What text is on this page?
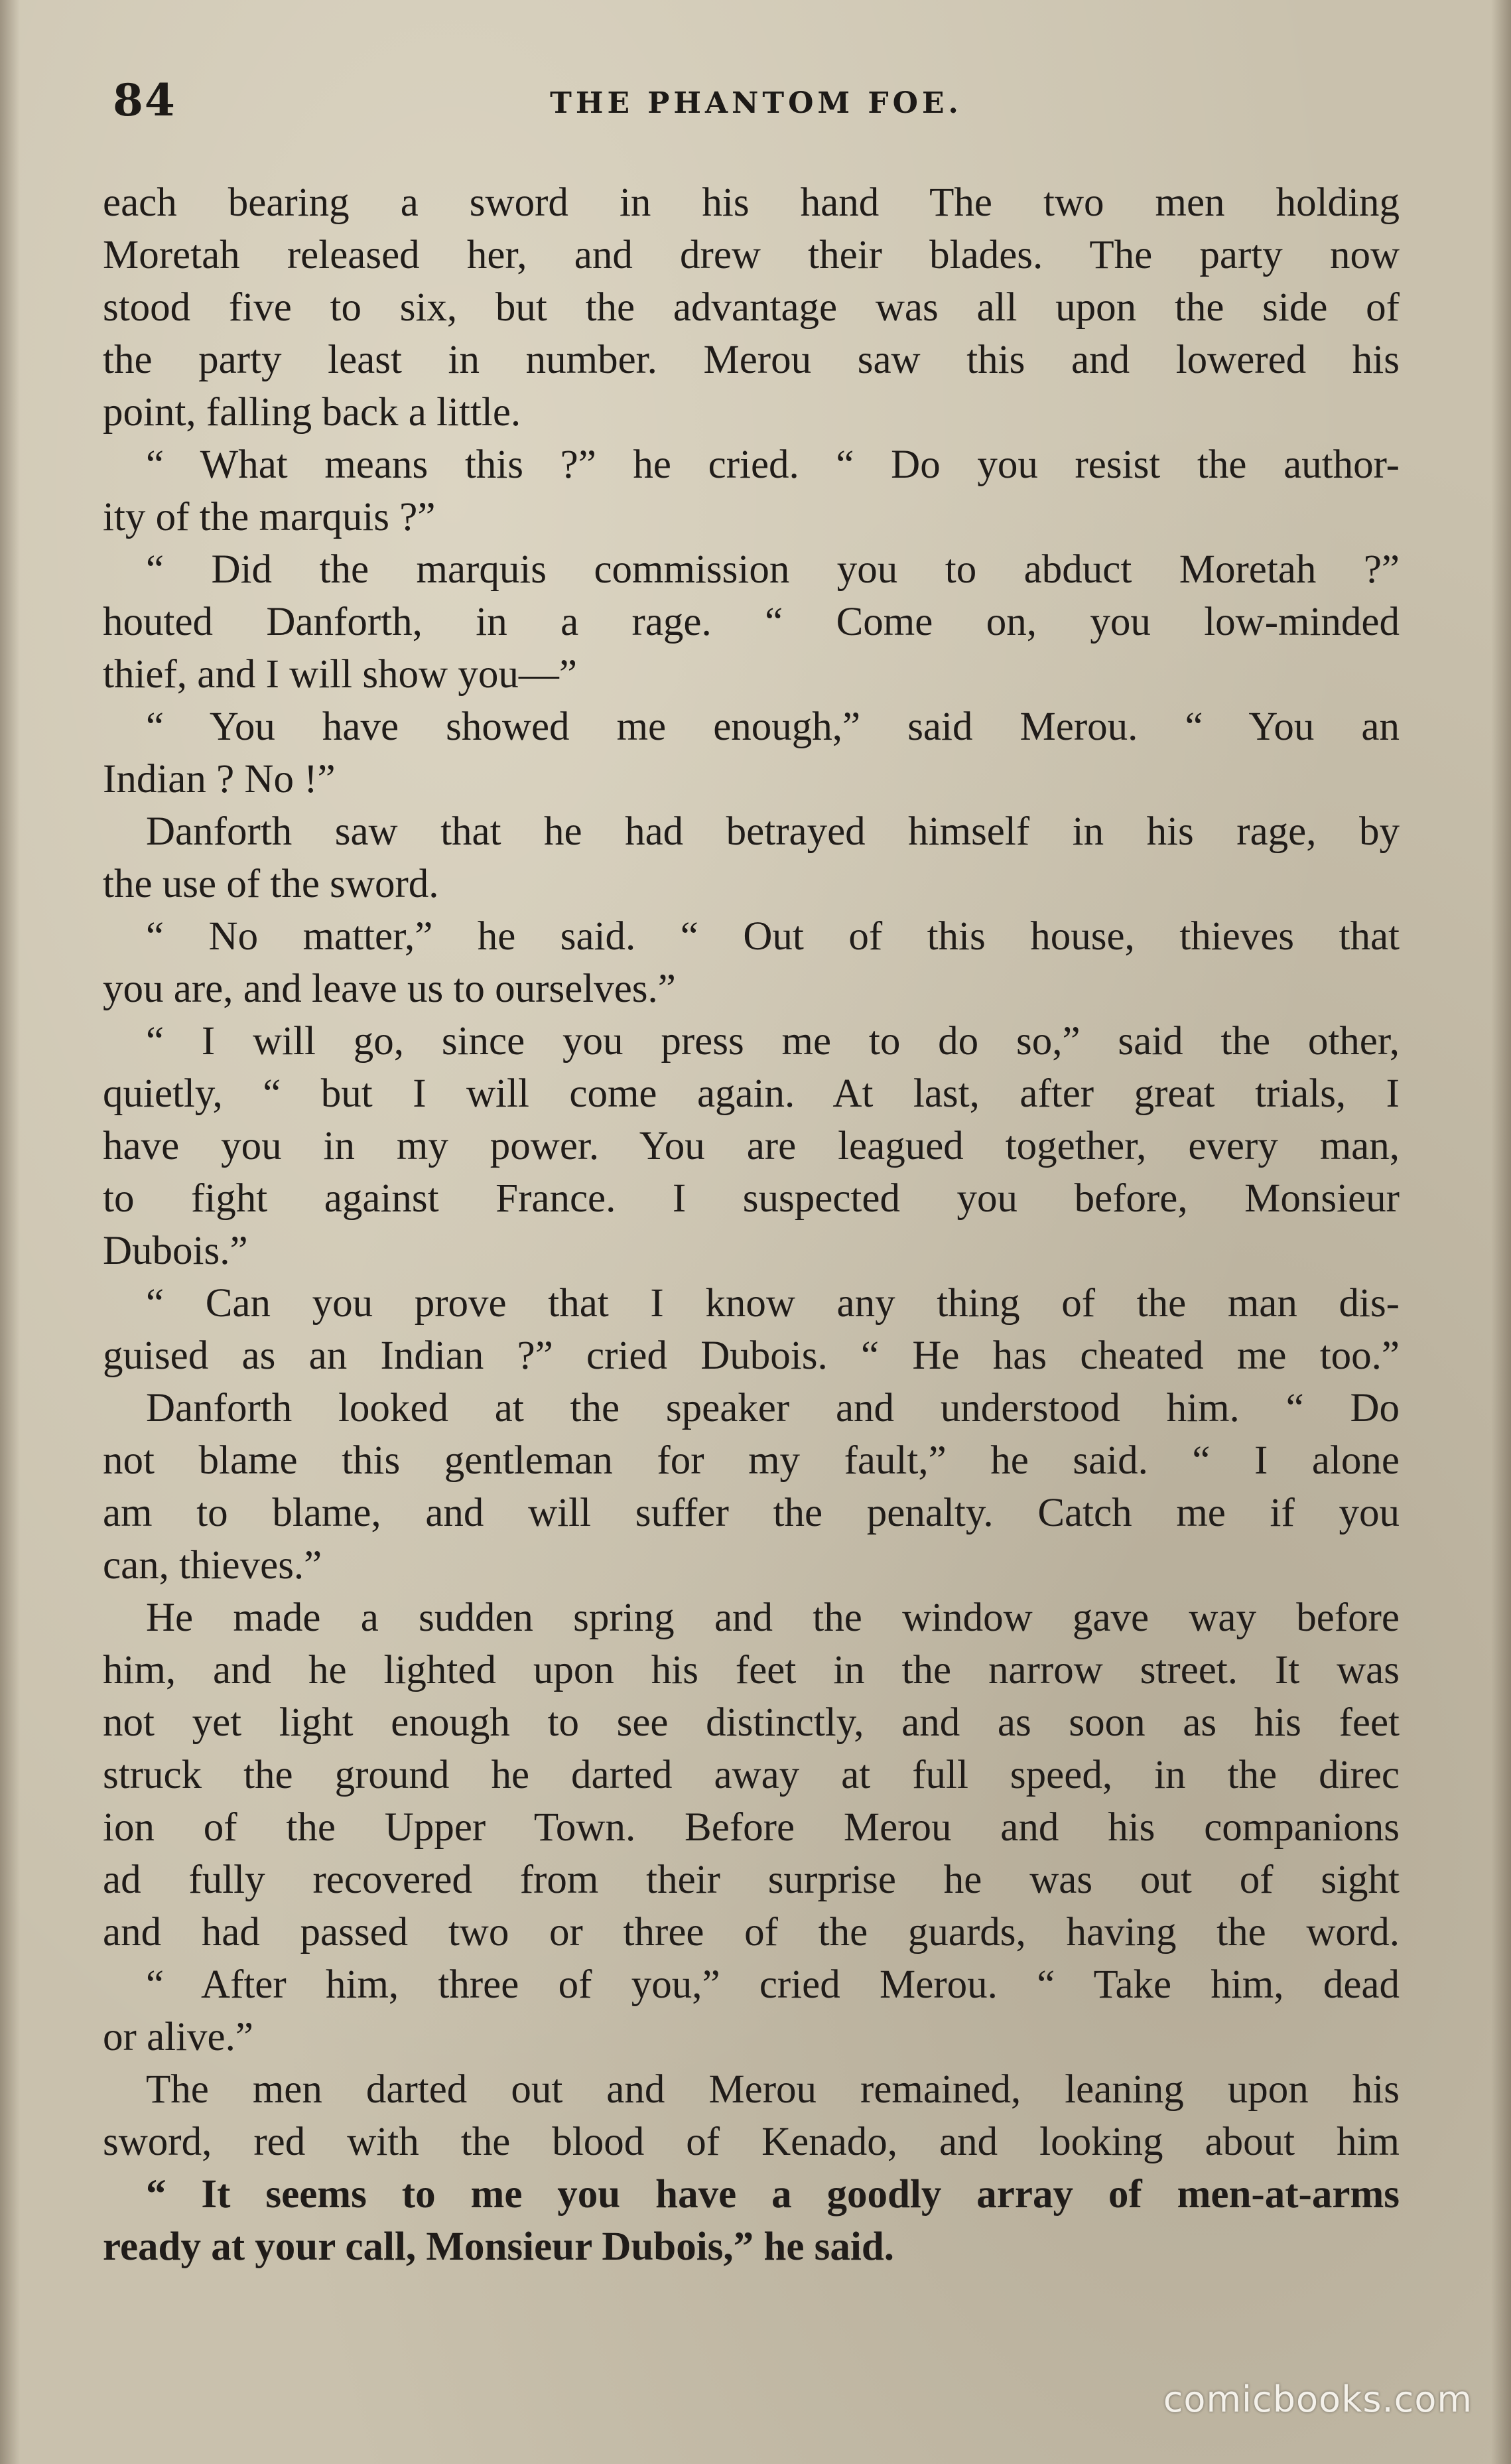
84	THE PHANTOM FOE.
each bearing a sword in his hand The two men holding
Moretah released her, and drew their blades. The party now
stood five to six, but the advantage was all upon the side of
the party least in number. Merou saw this and lowered his
point, falling back a little.
“ What means this ?” he cried. “ Do you resist the author-
ity of the marquis ?”
“ Did the marquis commission you to abduct Moretah ?”
houted Danforth, in a rage. “ Come on, you low-minded
thief, and I will show you—”
“ You have showed me enough,” said Merou. “ You an
Indian ? No !”
Danforth saw that he had betrayed himself in his rage, by
the use of the sword.
“ No matter,” he said. “ Out of this house, thieves that
you are, and leave us to ourselves.”
“ I will go, since you press me to do so,” said the other,
quietly, “ but I will come again. At last, after great trials, I
have you in my power. You are leagued together, every man,
to fight against France. I suspected you before, Monsieur
Dubois.”
“ Can you prove that I know any thing of the man dis-
guised as an Indian ?” cried Dubois. “ He has cheated me too.”
Danforth looked at the speaker and understood him. “ Do
not blame this gentleman for my fault,” he said. “ I alone
am to blame, and will suffer the penalty. Catch me if you
can, thieves.”
He made a sudden spring and the window gave way before
him, and he lighted upon his feet in the narrow street. It was
not yet light enough to see distinctly, and as soon as his feet
struck the ground he darted away at full speed, in the direc
ion of the Upper Town. Before Merou and his companions
ad fully recovered from their surprise he was out of sight
and had passed two or three of the guards, having the word.
“ After him, three of you,” cried Merou. “ Take him, dead
or alive.”
The men darted out and Merou remained, leaning upon his
sword, red with the blood of Kenado, and looking about him
“ It seems to me you have a goodly array of men-at-arms
ready at your call, Monsieur Dubois,” he said.
comicbooks.com
